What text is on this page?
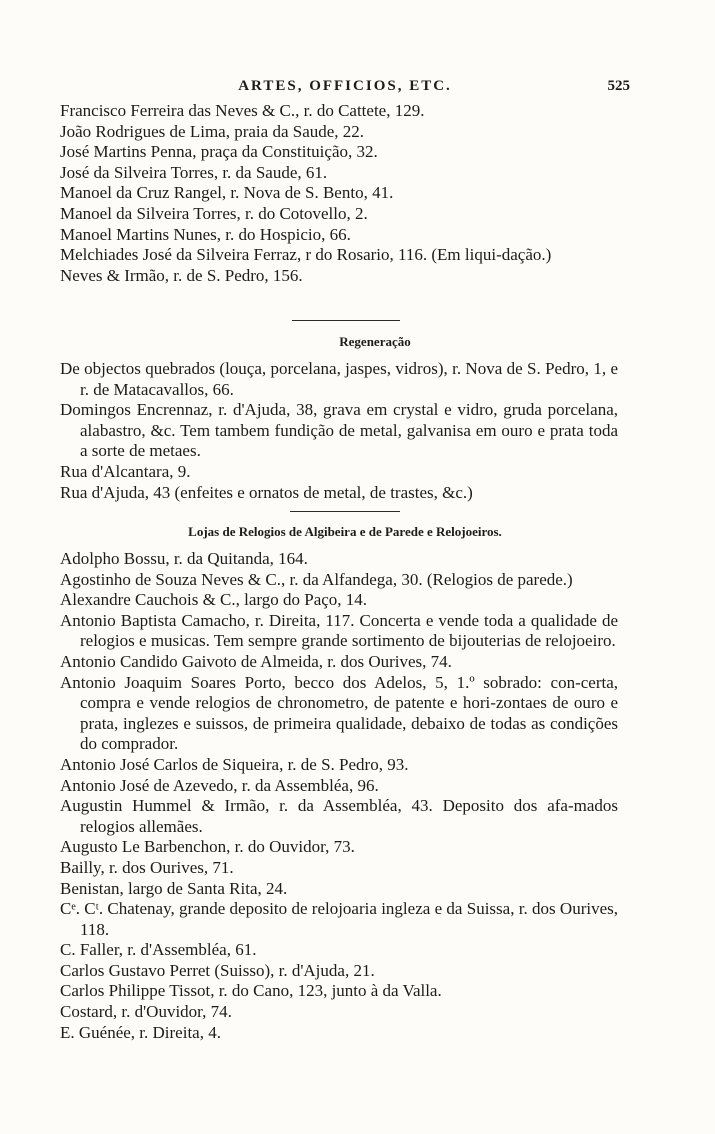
ARTES, OFFICIOS, ETC.	525

Francisco Ferreira das Neves & C., r. do Cattete, 129.

João Rodrigues de Lima, praia da Saude, 22.

José Martins Penna, praça da Constituição, 32.

José da Silveira Torres, r. da Saude, 61.

Manoel da Cruz Rangel, r. Nova de S. Bento, 41.

Manoel da Silveira Torres, r. do Cotovello, 2.

Manoel Martins Nunes, r. do Hospicio, 66.

Melchiades José da Silveira Ferraz, r do Rosario, 116. (Em liqui-dação.)

Neves & Irmão, r. de S. Pedro, 156.

Regeneração

De objectos quebrados (louça, porcelana, jaspes, vidros), r. Nova de S. Pedro, 1, e r. de Matacavallos, 66.

Domingos Encrennaz, r. d'Ajuda, 38, grava em crystal e vidro, gruda porcelana, alabastro, &c. Tem tambem fundição de metal, galvanisa em ouro e prata toda a sorte de metaes.

Rua d'Alcantara, 9.

Rua d'Ajuda, 43 (enfeites e ornatos de metal, de trastes, &c.)

Lojas de Relogios de Algibeira e de Parede e Relojoeiros.

Adolpho Bossu, r. da Quitanda, 164.

Agostinho de Souza Neves & C., r. da Alfandega, 30. (Relogios de parede.)

Alexandre Cauchois & C., largo do Paço, 14.

Antonio Baptista Camacho, r. Direita, 117. Concerta e vende toda a qualidade de relogios e musicas. Tem sempre grande sortimento de bijouterias de relojoeiro.

Antonio Candido Gaivoto de Almeida, r. dos Ourives, 74.

Antonio Joaquim Soares Porto, becco dos Adelos, 5, 1.º sobrado: con-certa, compra e vende relogios de chronometro, de patente e hori-zontaes de ouro e prata, inglezes e suissos, de primeira qualidade, debaixo de todas as condições do comprador.

Antonio José Carlos de Siqueira, r. de S. Pedro, 93.

Antonio José de Azevedo, r. da Assembléa, 96.

Augustin Hummel & Irmão, r. da Assembléa, 43. Deposito dos afa-mados relogios allemães.

Augusto Le Barbenchon, r. do Ouvidor, 73.

Bailly, r. dos Ourives, 71.

Benistan, largo de Santa Rita, 24.

Cᵉ. Cᵗ. Chatenay, grande deposito de relojoaria ingleza e da Suissa, r. dos Ourives, 118.

C. Faller, r. d'Assembléa, 61.

Carlos Gustavo Perret (Suisso), r. d'Ajuda, 21.

Carlos Philippe Tissot, r. do Cano, 123, junto à da Valla.

Costard, r. d'Ouvidor, 74.

E. Guénée, r. Direita, 4.
